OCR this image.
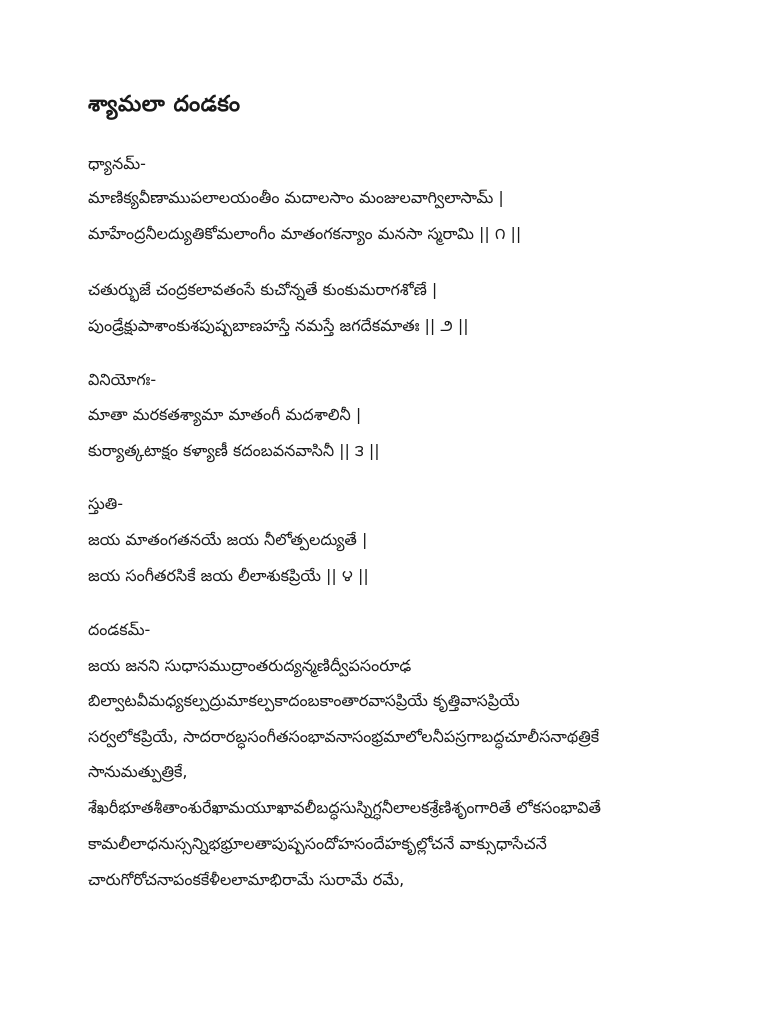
శ్యామలా దండకం
ధ్యానమ్-
మాణిక్యవీణాముపలాలయంతీం మదాలసాం మంజులవాగ్విలాసామ్ |
మాహేంద్రనీలద్యుతికోమలాంగీం మాతంగకన్యాం మనసా స్మరామి || ౧ ||
చతుర్భుజే చంద్రకలావతంసే కుచోన్నతే కుంకుమరాగశోణే |
పుండ్రేక్షుపాశాంకుశపుష్పబాణహస్తే నమస్తే జగదేకమాతః || ౨ ||
వినియోగః-
మాతా మరకతశ్యామా మాతంగీ మదశాలినీ |
కుర్యాత్కటాక్షం కళ్యాణీ కదంబవనవాసినీ || ౩ ||
స్తుతి-
జయ మాతంగతనయే జయ నీలోత్పలద్యుతే |
జయ సంగీతరసికే జయ లీలాశుకప్రియే || ౪ ||
దండకమ్-
జయ జనని సుధాసముద్రాంతరుద్యన్మణిద్వీపసంరూఢ
బిల్వాటవీమధ్యకల్పద్రుమాకల్పకాదంబకాంతారవాసప్రియే కృత్తివాసప్రియే
సర్వలోకప్రియే, సాదరారబ్ధసంగీతసంభావనాసంభ్రమాలోలనీపస్రగాబద్ధచూలీసనాథత్రికే
సానుమత్పుత్రికే,
శేఖరీభూతశీతాంశురేఖామయూఖావలీబద్ధసుస్నిగ్ధనీలాలకశ్రేణిశృంగారితే లోకసంభావితే
కామలీలాధనుస్సన్నిభభ్రూలతాపుష్పసందోహసందేహకృల్లోచనే వాక్సుధాసేచనే
చారుగోరోచనాపంకకేళీలలామాభిరామే సురామే రమే,
